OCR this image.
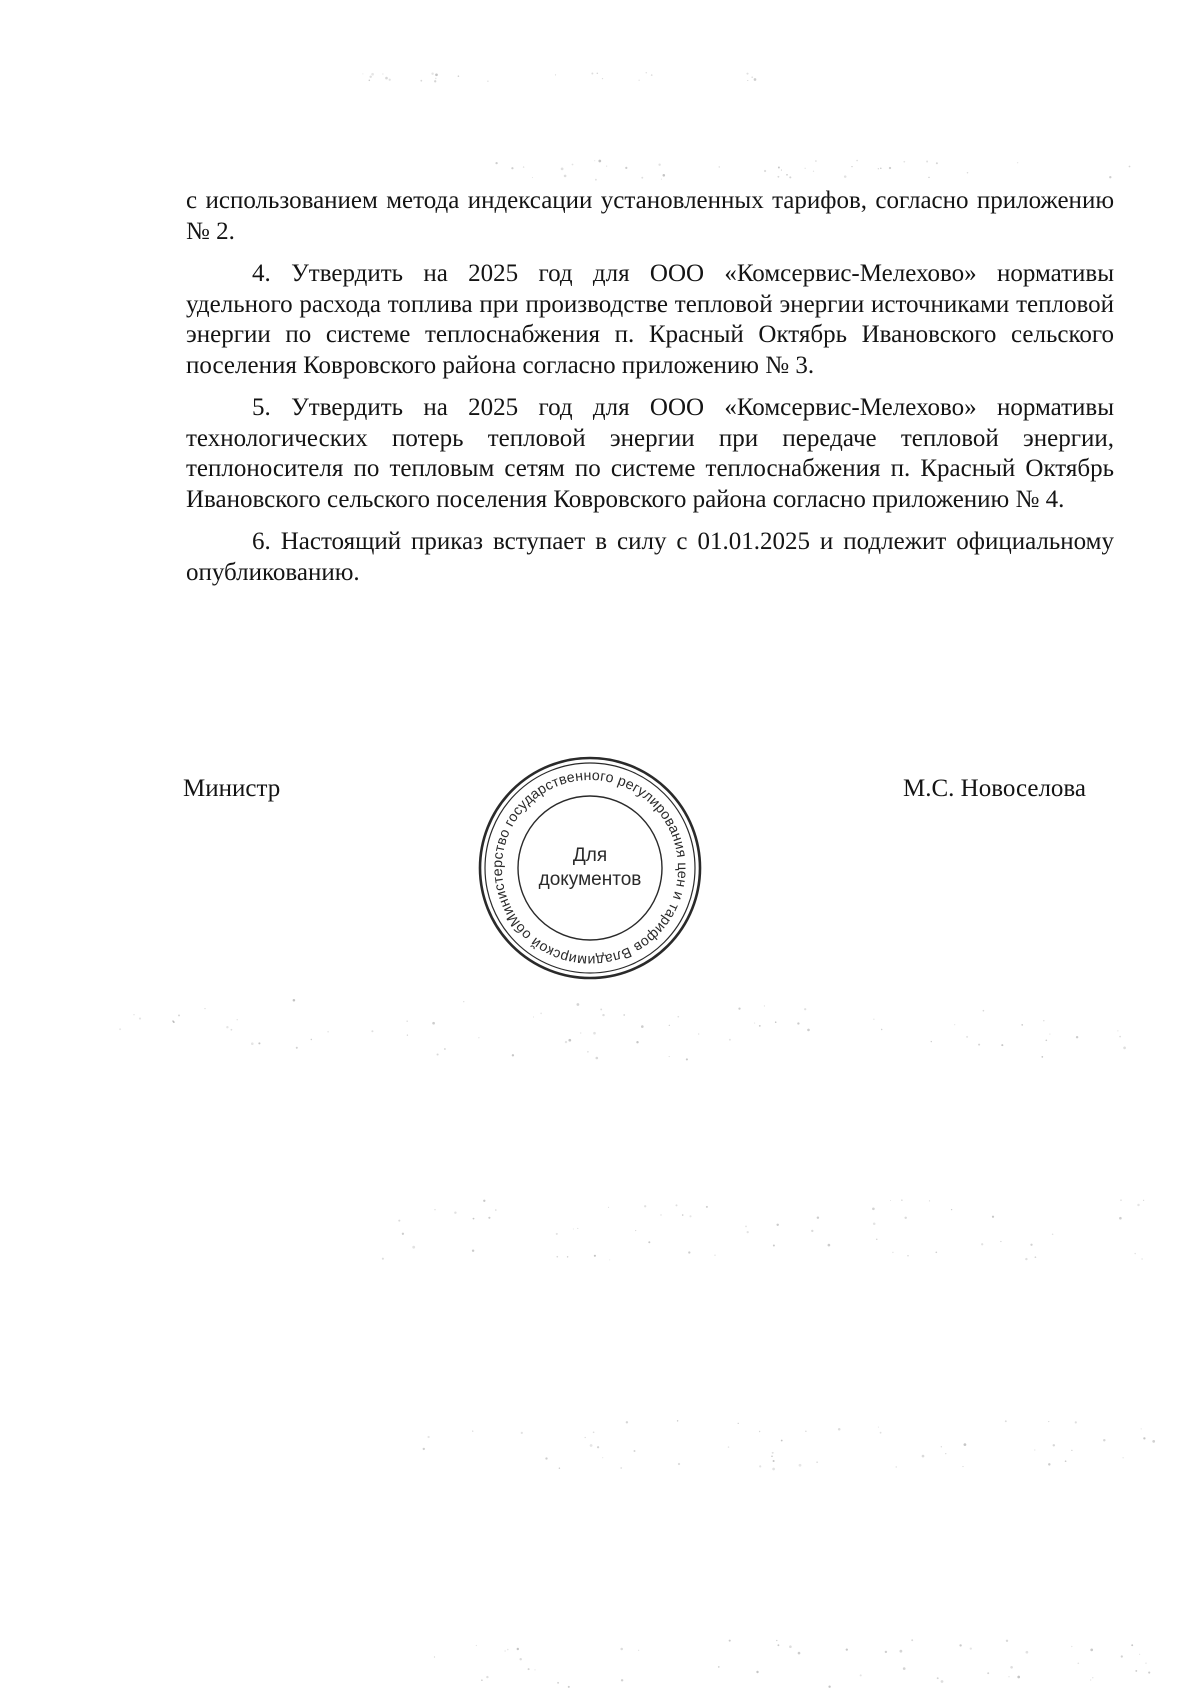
с использованием метода индексации установленных тарифов, согласно приложению № 2.

4. Утвердить на 2025 год для ООО «Комсервис-Мелехово» нормативы удельного расхода топлива при производстве тепловой энергии источниками тепловой энергии по системе теплоснабжения п. Красный Октябрь Ивановского сельского поселения Ковровского района согласно приложению № 3.

5. Утвердить на 2025 год для ООО «Комсервис-Мелехово» нормативы технологических потерь тепловой энергии при передаче тепловой энергии, теплоносителя по тепловым сетям по системе теплоснабжения п. Красный Октябрь Ивановского сельского поселения Ковровского района согласно приложению № 4.

6. Настоящий приказ вступает в силу с 01.01.2025 и подлежит официальному опубликованию.

Министр
Министерство государственного регулирования цен и тарифов Владимирской области	Для
документов
М.С. Новоселова
